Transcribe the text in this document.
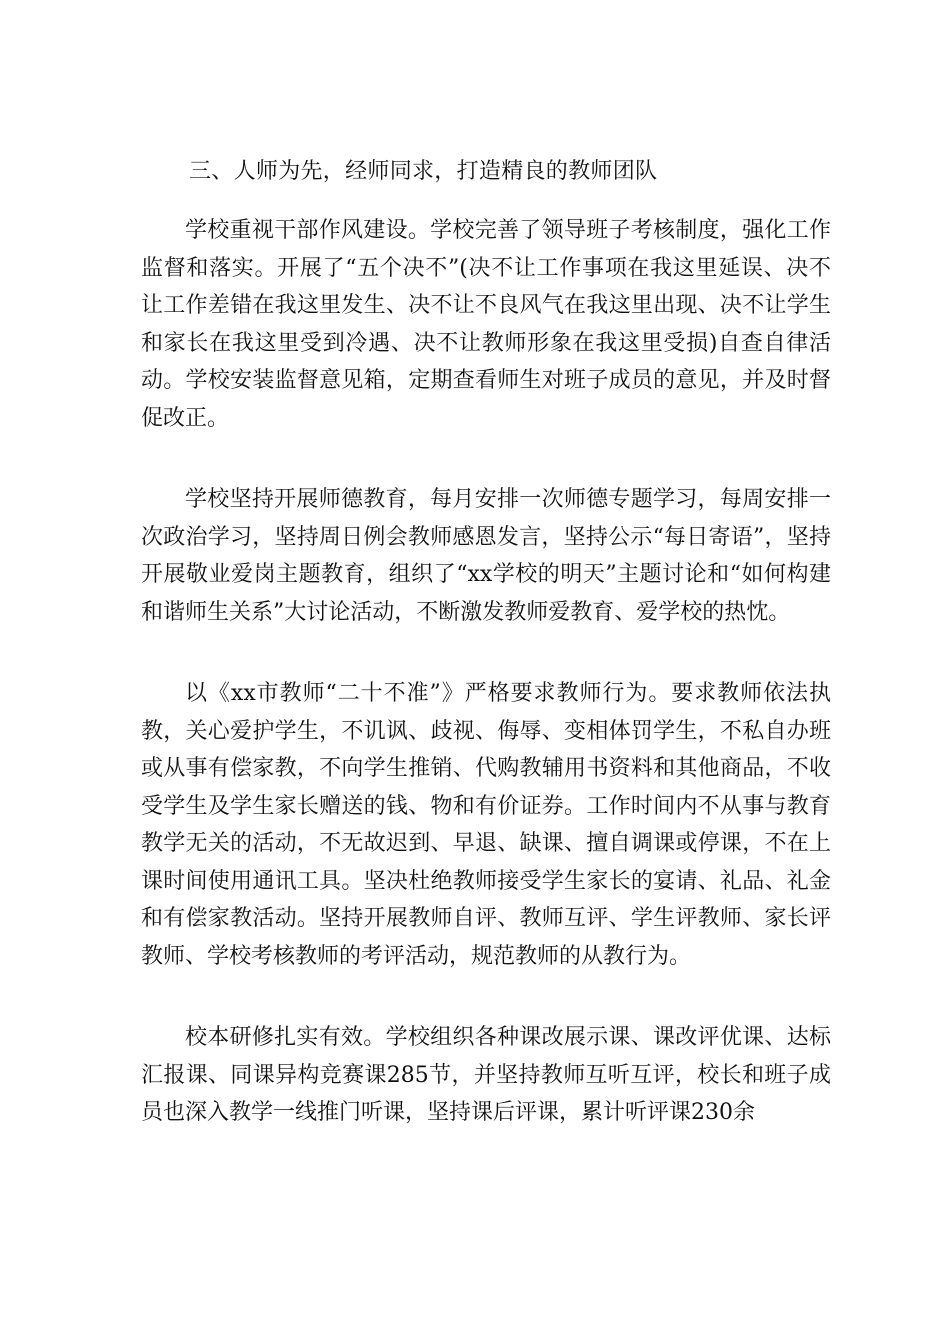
三、人师为先，经师同求，打造精良的教师团队

学校重视干部作风建设。学校完善了领导班子考核制度，强化工作监督和落实。开展了“五个决不”(决不让工作事项在我这里延误、决不让工作差错在我这里发生、决不让不良风气在我这里出现、决不让学生和家长在我这里受到冷遇、决不让教师形象在我这里受损)自查自律活动。学校安装监督意见箱，定期查看师生对班子成员的意见，并及时督促改正。

学校坚持开展师德教育，每月安排一次师德专题学习，每周安排一次政治学习，坚持周日例会教师感恩发言，坚持公示“每日寄语”，坚持开展敬业爱岗主题教育，组织了“xx学校的明天”主题讨论和“如何构建和谐师生关系”大讨论活动，不断激发教师爱教育、爱学校的热忱。

以《xx市教师“二十不准”》严格要求教师行为。要求教师依法执教，关心爱护学生，不讥讽、歧视、侮辱、变相体罚学生，不私自办班或从事有偿家教，不向学生推销、代购教辅用书资料和其他商品，不收受学生及学生家长赠送的钱、物和有价证券。工作时间内不从事与教育教学无关的活动，不无故迟到、早退、缺课、擅自调课或停课，不在上课时间使用通讯工具。坚决杜绝教师接受学生家长的宴请、礼品、礼金和有偿家教活动。坚持开展教师自评、教师互评、学生评教师、家长评教师、学校考核教师的考评活动，规范教师的从教行为。

校本研修扎实有效。学校组织各种课改展示课、课改评优课、达标汇报课、同课异构竞赛课285节，并坚持教师互听互评，校长和班子成员也深入教学一线推门听课，坚持课后评课，累计听评课230余
